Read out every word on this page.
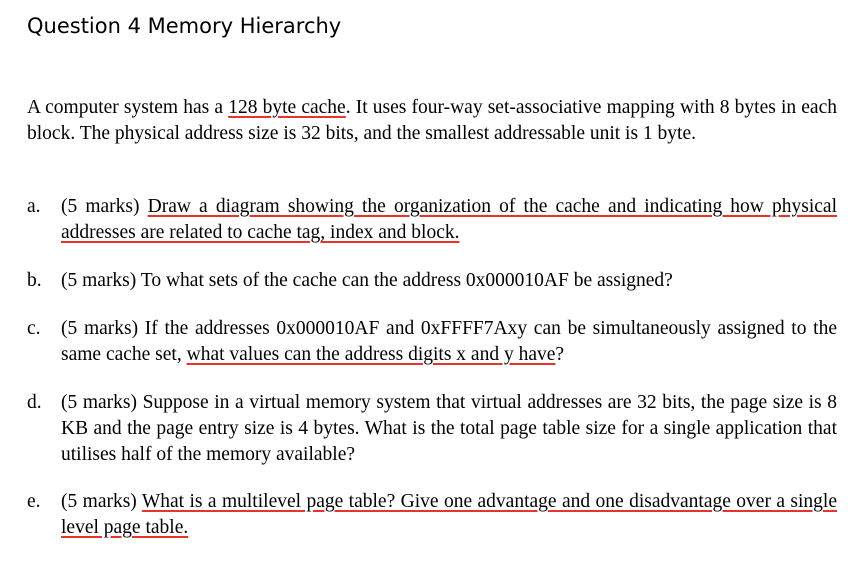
Question 4 Memory Hierarchy
A computer system has a 128 byte cache. It uses four-way set-associative mapping with 8 bytes in each block. The physical address size is 32 bits, and the smallest addressable unit is 1 byte.
a.	(5 marks) Draw a diagram showing the organization of the cache and indicating how physical addresses are related to cache tag, index and block.
b. (5 marks) To what sets of the cache can the address 0x000010AF be assigned?
c.	(5 marks) If the addresses 0x000010AF and 0xFFFF7Axy can be simultaneously assigned to the same cache set, what values can the address digits x and y have?
d. (5 marks) Suppose in a virtual memory system that virtual addresses are 32 bits, the page size is 8 KB and the page entry size is 4 bytes. What is the total page table size for a single application that utilises half of the memory available?
e.	(5 marks) What is a multilevel page table? Give one advantage and one disadvantage over a single level page table.
